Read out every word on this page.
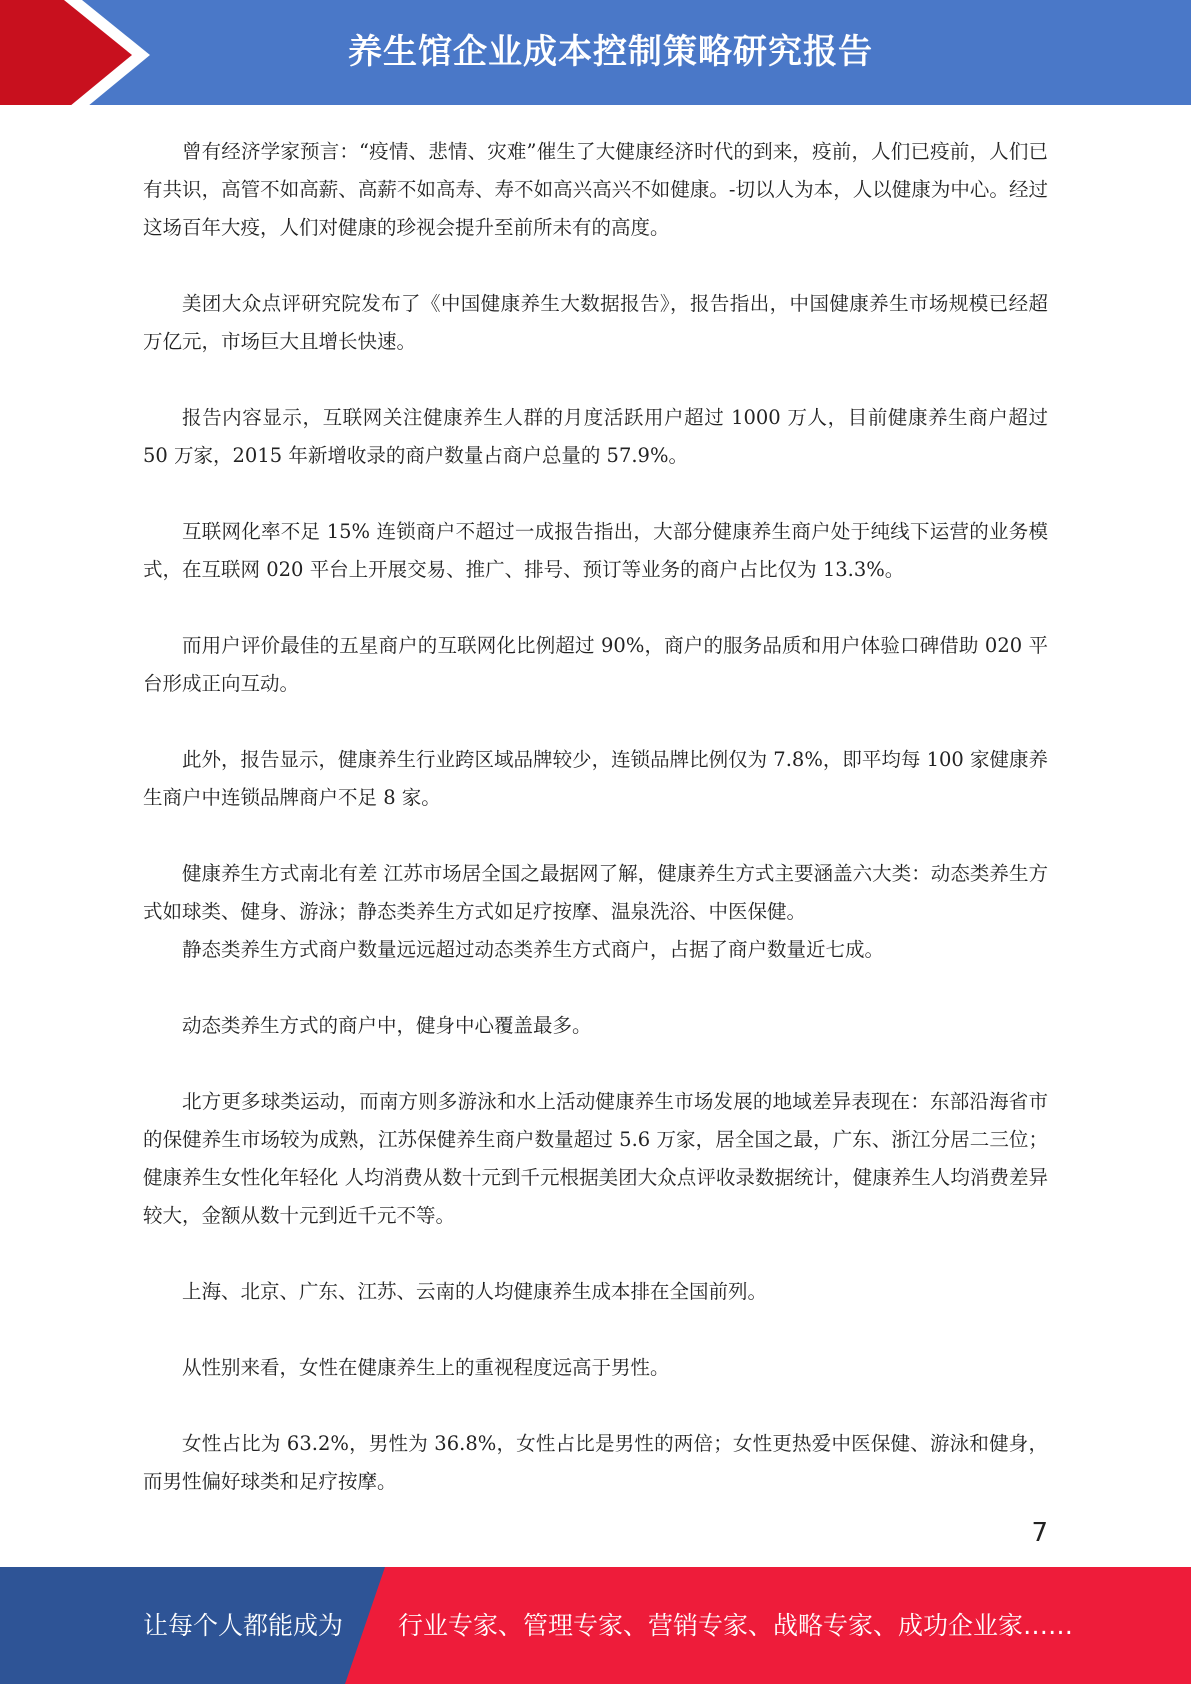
养生馆企业成本控制策略研究报告

曾有经济学家预言：“疫情、悲情、灾难”催生了大健康经济时代的到来，疫前，人们已疫前，人们已有共识，高管不如高薪、高薪不如高寿、寿不如高兴高兴不如健康。-切以人为本，人以健康为中心。经过这场百年大疫，人们对健康的珍视会提升至前所未有的高度。

美团大众点评研究院发布了《中国健康养生大数据报告》，报告指出，中国健康养生市场规模已经超万亿元，市场巨大且增长快速。

报告内容显示，互联网关注健康养生人群的月度活跃用户超过 1000 万人，目前健康养生商户超过 50 万家，2015 年新增收录的商户数量占商户总量的 57.9%。

互联网化率不足 15% 连锁商户不超过一成报告指出，大部分健康养生商户处于纯线下运营的业务模式，在互联网 020 平台上开展交易、推广、排号、预订等业务的商户占比仅为 13.3%。

而用户评价最佳的五星商户的互联网化比例超过 90%，商户的服务品质和用户体验口碑借助 020 平台形成正向互动。

此外，报告显示，健康养生行业跨区域品牌较少，连锁品牌比例仅为 7.8%，即平均每 100 家健康养生商户中连锁品牌商户不足 8 家。

健康养生方式南北有差 江苏市场居全国之最据网了解，健康养生方式主要涵盖六大类：动态类养生方式如球类、健身、游泳；静态类养生方式如足疗按摩、温泉洗浴、中医保健。

静态类养生方式商户数量远远超过动态类养生方式商户，占据了商户数量近七成。

动态类养生方式的商户中，健身中心覆盖最多。

北方更多球类运动，而南方则多游泳和水上活动健康养生市场发展的地域差异表现在：东部沿海省市的保健养生市场较为成熟，江苏保健养生商户数量超过 5.6 万家，居全国之最，广东、浙江分居二三位；健康养生女性化年轻化 人均消费从数十元到千元根据美团大众点评收录数据统计，健康养生人均消费差异较大，金额从数十元到近千元不等。

上海、北京、广东、江苏、云南的人均健康养生成本排在全国前列。

从性别来看，女性在健康养生上的重视程度远高于男性。

女性占比为 63.2%，男性为 36.8%，女性占比是男性的两倍；女性更热爱中医保健、游泳和健身，而男性偏好球类和足疗按摩。

7
让每个人都能成为 行业专家、管理专家、营销专家、战略专家、成功企业家……
